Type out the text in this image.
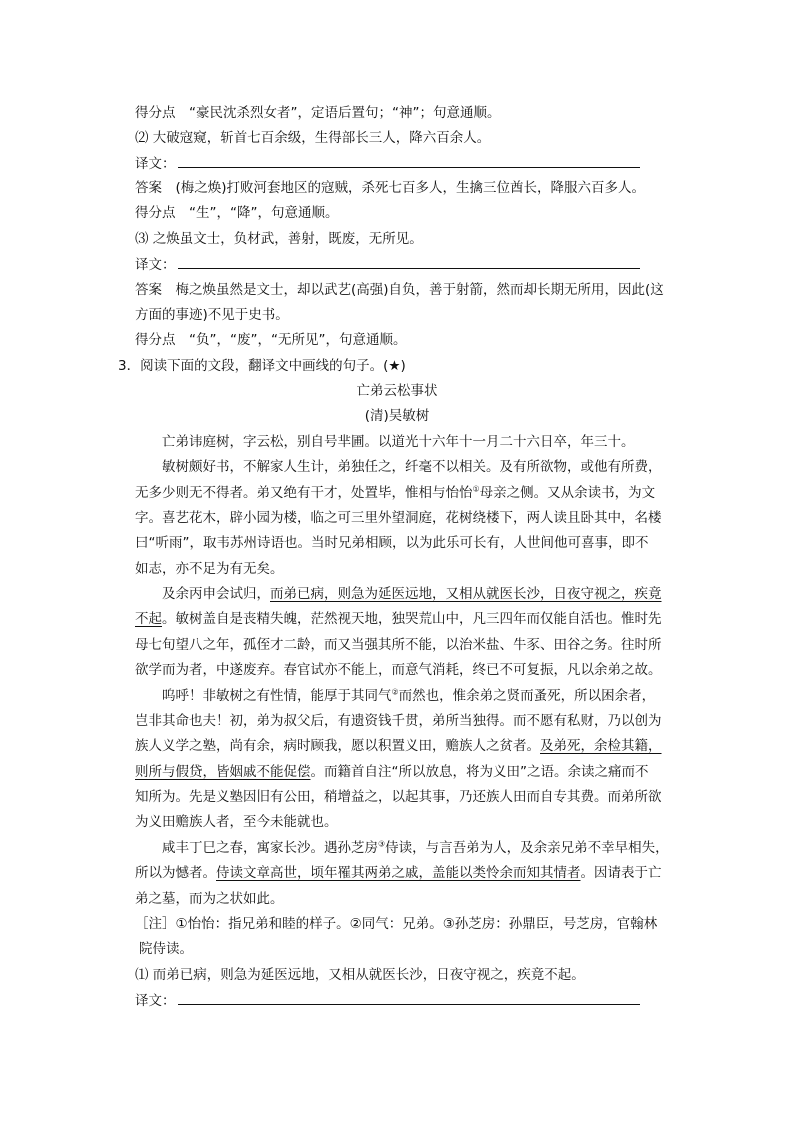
得分点　“豪民沈杀烈女者”，定语后置句；“神”；句意通顺。
⑵ 大破寇窥，斩首七百余级，生得部长三人，降六百余人。
译文：
答案　(梅之焕)打败河套地区的寇贼，杀死七百多人，生擒三位酋长，降服六百多人。
得分点　“生”，“降”，句意通顺。
⑶ 之焕虽文士，负材武，善射，既废，无所见。
译文：
答案　梅之焕虽然是文士，却以武艺(高强)自负，善于射箭，然而却长期无所用，因此(这
方面的事迹)不见于史书。
得分点　“负”，“废”，“无所见”，句意通顺。
3．阅读下面的文段，翻译文中画线的句子。(★)
亡弟云松事状
(清)吴敏树
亡弟讳庭树，字云松，别自号芈圃。以道光十六年十一月二十六日卒，年三十。
敏树颇好书，不解家人生计，弟独任之，纤毫不以相关。及有所欲物，或他有所费，
无多少则无不得者。弟又绝有干才，处置毕，惟相与怡怡①母亲之侧。又从余读书，为文
字。喜艺花木，辟小园为楼，临之可三里外望洞庭，花树绕楼下，两人读且卧其中，名楼
曰“听雨”，取韦苏州诗语也。当时兄弟相顾，以为此乐可长有，人世间他可喜事，即不
如志，亦不足为有无矣。
及余丙申会试归，而弟已病，则急为延医远地，又相从就医长沙，日夜守视之，疾竟
不起。敏树盖自是丧精失魄，茫然视天地，独哭荒山中，凡三四年而仅能自活也。惟时先
母七旬望八之年，孤侄才二龄，而又当强其所不能，以治米盐、牛豕、田谷之务。往时所
欲学而为者，中遂废弃。春官试亦不能上，而意气消耗，终已不可复振，凡以余弟之故。
呜呼！非敏树之有性情，能厚于其同气②而然也，惟余弟之贤而蚤死，所以困余者，
岂非其命也夫！初，弟为叔父后，有遗资钱千贯，弟所当独得。而不愿有私财，乃以创为
族人义学之塾，尚有余，病时顾我，愿以积置义田，赡族人之贫者。及弟死，余检其籍，
则所与假贷，皆姻戚不能促偿。而籍首自注“所以放息，将为义田”之语。余读之痛而不
知所为。先是义塾因旧有公田，稍增益之，以起其事，乃还族人田而自专其费。而弟所欲
为义田赡族人者，至今未能就也。
咸丰丁巳之春，寓家长沙。遇孙芝房③侍读，与言吾弟为人，及余亲兄弟不幸早相失，
所以为憾者。侍读文章高世，顷年罹其两弟之戚，盖能以类怜余而知其情者。因请表于亡
弟之墓，而为之状如此。
［注］①怡怡：指兄弟和睦的样子。②同气：兄弟。③孙芝房：孙鼎臣，号芝房，官翰林
院侍读。
⑴ 而弟已病，则急为延医远地，又相从就医长沙，日夜守视之，疾竟不起。
译文：
